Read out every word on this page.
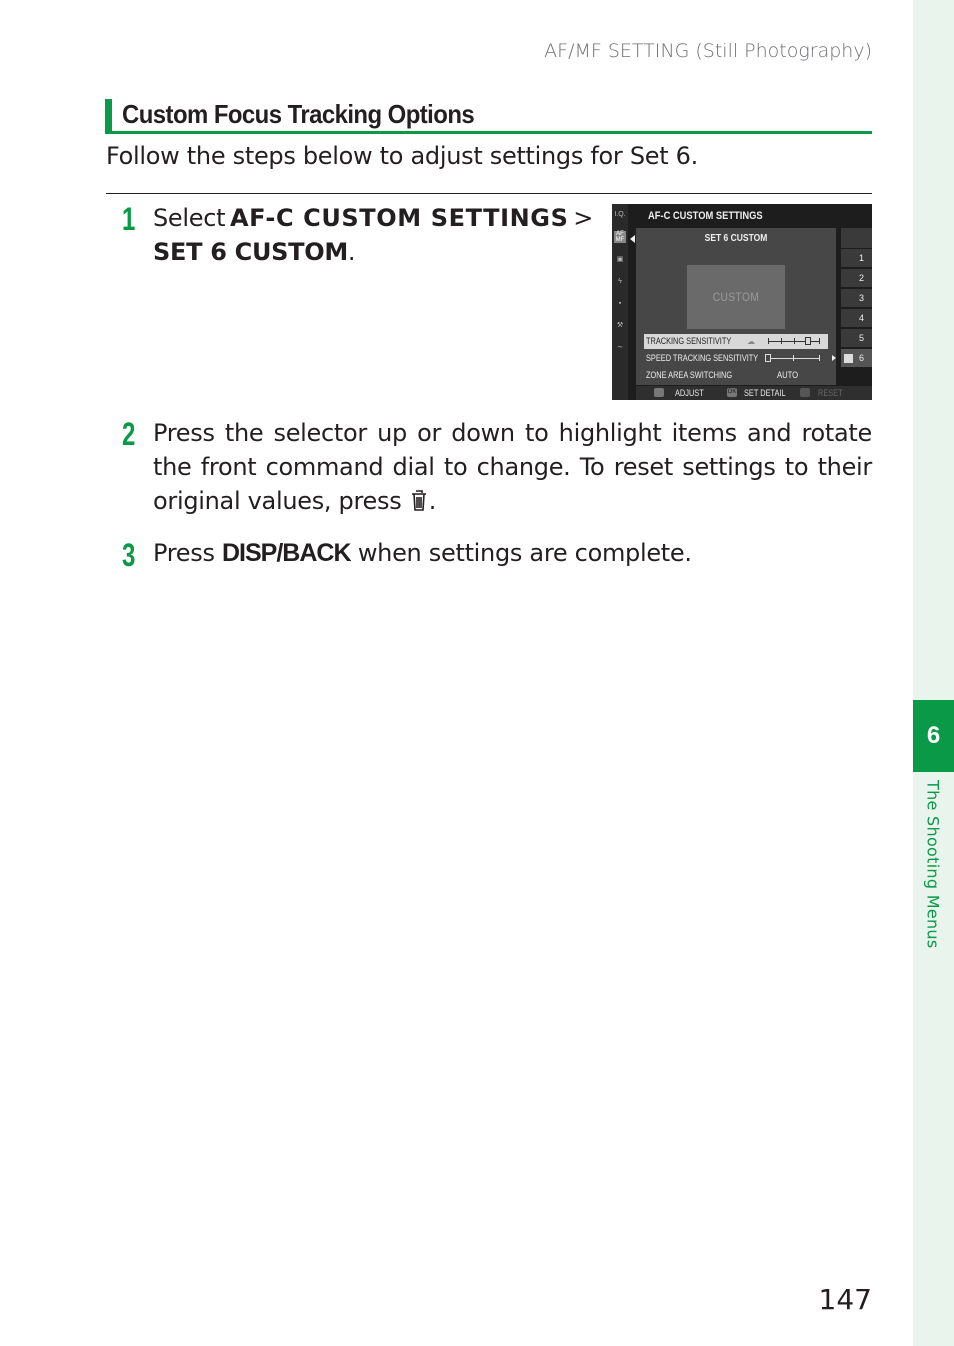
6
The Shooting Menus
AF/MF SETTING (Still Photography)
Custom Focus Tracking Options
Follow the steps below to adjust settings for Set 6.
1 Select AF-C CUSTOM SETTINGS >
SET 6 CUSTOM.
I.Q.
AF MF
▣
ϟ
▪
⚒
∼
AF-C CUSTOM SETTINGS
SET 6 CUSTOM
CUSTOM
TRACKING SENSITIVITY ☁
SPEED TRACKING SENSITIVITY
ZONE AREA SWITCHING	AUTO
1
2
3
4
5
6
ADJUST	OK SET DETAIL	RESET
2 Press the selector up or down to highlight items and rotate the front command dial to change. To reset settings to their original values, press .
3 Press DISP/BACK when settings are complete.
147
